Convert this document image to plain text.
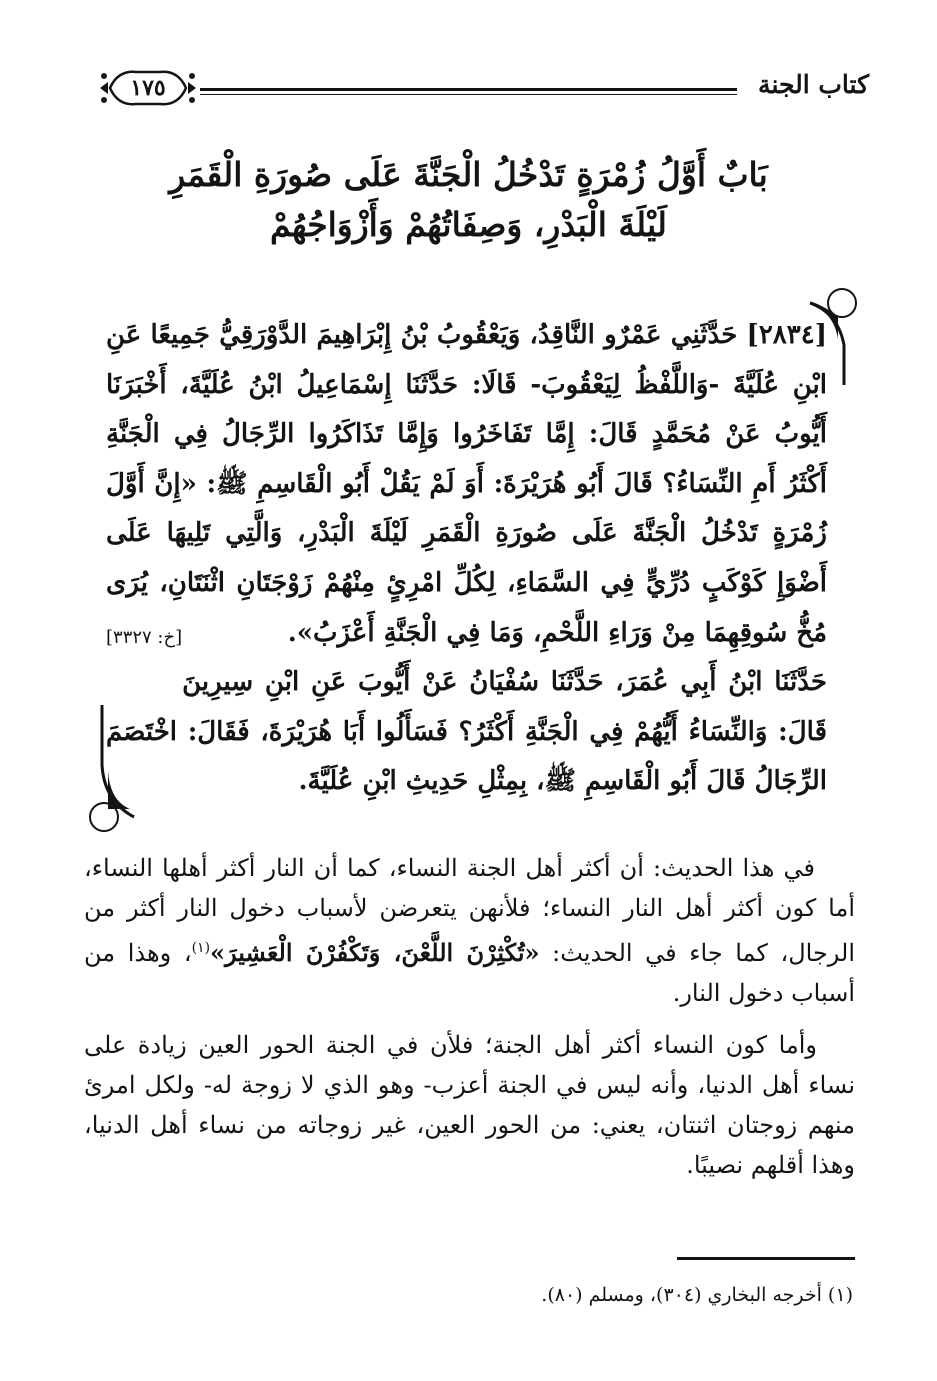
كتاب الجنة
١٧٥
بَابٌ أَوَّلُ زُمْرَةٍ تَدْخُلُ الْجَنَّةَ عَلَى صُورَةِ الْقَمَرِ
لَيْلَةَ الْبَدْرِ، وَصِفَاتُهُمْ وَأَزْوَاجُهُمْ

[٢٨٣٤] حَدَّثَنِي عَمْرٌو النَّاقِدُ، وَيَعْقُوبُ بْنُ إِبْرَاهِيمَ الدَّوْرَقِيُّ جَمِيعًا عَنِ ابْنِ عُلَيَّةَ -وَاللَّفْظُ لِيَعْقُوبَ- قَالَا: حَدَّثَنَا إِسْمَاعِيلُ ابْنُ عُلَيَّةَ، أَخْبَرَنَا أَيُّوبُ عَنْ مُحَمَّدٍ قَالَ: إِمَّا تَفَاخَرُوا وَإِمَّا تَذَاكَرُوا الرِّجَالُ فِي الْجَنَّةِ أَكْثَرُ أَمِ النِّسَاءُ؟ قَالَ أَبُو هُرَيْرَةَ: أَوَ لَمْ يَقُلْ أَبُو الْقَاسِمِ ﷺ: «إِنَّ أَوَّلَ زُمْرَةٍ تَدْخُلُ الْجَنَّةَ عَلَى صُورَةِ الْقَمَرِ لَيْلَةَ الْبَدْرِ، وَالَّتِي تَلِيهَا عَلَى أَضْوَإِ كَوْكَبٍ دُرِّيٍّ فِي السَّمَاءِ، لِكُلِّ امْرِئٍ مِنْهُمْ زَوْجَتَانِ اثْنَتَانِ، يُرَى مُخُّ سُوقِهِمَا مِنْ وَرَاءِ اللَّحْمِ، وَمَا فِي الْجَنَّةِ أَعْزَبُ».
[خ: ٣٣٢٧]

حَدَّثَنَا ابْنُ أَبِي عُمَرَ، حَدَّثَنَا سُفْيَانُ عَنْ أَيُّوبَ عَنِ ابْنِ سِيرِينَ قَالَ: وَالنِّسَاءُ أَيُّهُمْ فِي الْجَنَّةِ أَكْثَرُ؟ فَسَأَلُوا أَبَا هُرَيْرَةَ، فَقَالَ: اخْتَصَمَ الرِّجَالُ قَالَ أَبُو الْقَاسِمِ ﷺ، بِمِثْلِ حَدِيثِ ابْنِ عُلَيَّةَ.

في هذا الحديث: أن أكثر أهل الجنة النساء، كما أن النار أكثر أهلها النساء، أما كون أكثر أهل النار النساء؛ فلأنهن يتعرضن لأسباب دخول النار أكثر من الرجال، كما جاء في الحديث: «تُكْثِرْنَ اللَّعْنَ، وَتَكْفُرْنَ الْعَشِيرَ»$^{(١)}$، وهذا من أسباب دخول النار.

وأما كون النساء أكثر أهل الجنة؛ فلأن في الجنة الحور العين زيادة على نساء أهل الدنيا، وأنه ليس في الجنة أعزب- وهو الذي لا زوجة له- ولكل امرئ منهم زوجتان اثنتان، يعني: من الحور العين، غير زوجاته من نساء أهل الدنيا، وهذا أقلهم نصيبًا.

(١) أخرجه البخاري (٣٠٤)، ومسلم (٨٠).
